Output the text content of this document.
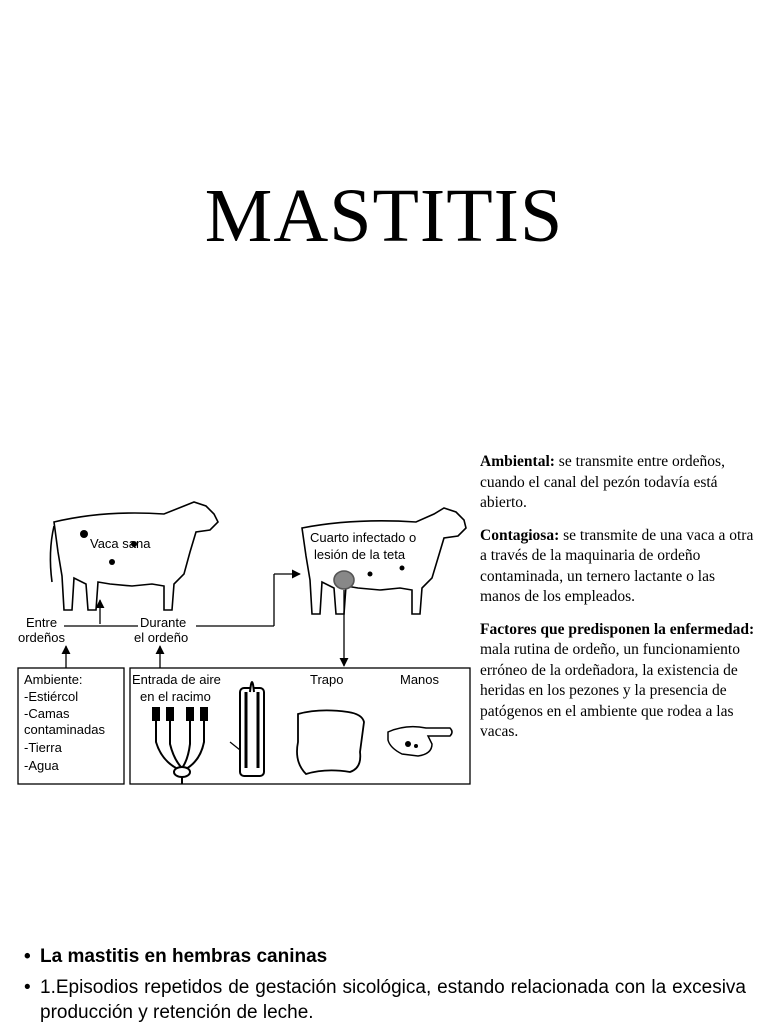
MASTITIS
Vaca sana	Cuarto infectado o
lesión de la teta
Entre
ordeños
Durante
el ordeño
Ambiente:
-Estiércol
-Camas
contaminadas
-Tierra
-Agua
Entrada de aire
en el racimo
Trapo	Manos

Ambiental: se transmite entre ordeños, cuando el canal del pezón todavía está abierto.

Contagiosa: se transmite de una vaca a otra a través de la maquinaria de ordeño contaminada, un ternero lactante o las manos de los empleados.

Factores que predisponen la enfermedad: mala rutina de ordeño, un funcionamiento erróneo de la ordeñadora, la existencia de heridas en los pezones y la presencia de patógenos en el ambiente que rodea a las vacas.

• La mastitis en hembras caninas
• 1.Episodios repetidos de gestación sicológica, estando relacionada con la excesiva producción y retención de leche.
